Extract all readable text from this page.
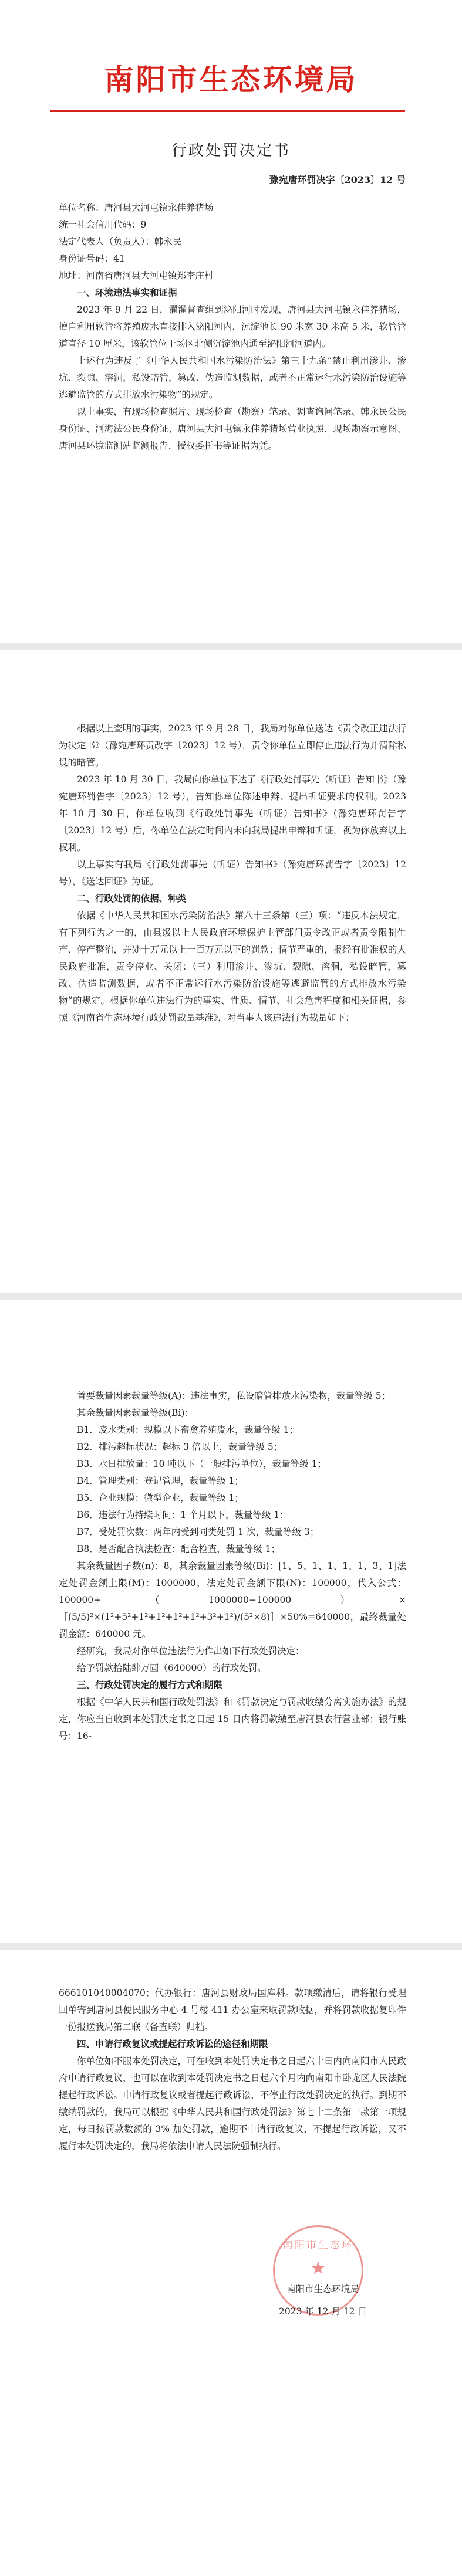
南阳市生态环境局
行政处罚决定书
豫宛唐环罚决字〔2023〕12 号

单位名称：唐河县大河屯镇永佳养猪场

统一社会信用代码：9

法定代表人（负责人）：韩永民

身份证号码：41

地址：河南省唐河县大河屯镇郑李庄村

一、环境违法事实和证据

2023 年 9 月 22 日，濯濯督查组到泌阳河时发现，唐河县大河屯镇永佳养猪场，擅自利用软管将养殖废水直接排入泌阳河内，沉淀池长 90 米宽 30 米高 5 米，软管管道直径 10 厘米，该软管位于场区北侧沉淀池内通至泌阳河河道内。

上述行为违反了《中华人民共和国水污染防治法》第三十九条“禁止利用渗井、渗坑、裂隙、溶洞，私设暗管，篡改、伪造监测数据，或者不正常运行水污染防治设施等逃避监管的方式排放水污染物”的规定。

以上事实，有现场检查照片、现场检查（勘察）笔录、调查询问笔录、韩永民公民身份证、河海法公民身份证、唐河县大河屯镇永佳养猪场营业执照、现场勘察示意图、唐河县环境监测站监测报告、授权委托书等证据为凭。

根据以上查明的事实，2023 年 9 月 28 日，我局对你单位送达《责令改正违法行为决定书》（豫宛唐环责改字〔2023〕12 号），责令你单位立即停止违法行为并清除私设的暗管。

2023 年 10 月 30 日，我局向你单位下达了《行政处罚事先（听证）告知书》（豫宛唐环罚告字〔2023〕12 号），告知你单位陈述申辩、提出听证要求的权利。2023 年 10 月 30 日，你单位收到《行政处罚事先（听证）告知书》（豫宛唐环罚告字〔2023〕12 号）后，你单位在法定时间内未向我局提出申辩和听证，视为你放弃以上权利。

以上事实有我局《行政处罚事先（听证）告知书》（豫宛唐环罚告字〔2023〕12 号），《送达回证》为证。

二、行政处罚的依据、种类

依据《中华人民共和国水污染防治法》第八十三条第（三）项：“违反本法规定，有下列行为之一的，由县级以上人民政府环境保护主管部门责令改正或者责令限制生产、停产整治，并处十万元以上一百万元以下的罚款；情节严重的，报经有批准权的人民政府批准，责令停业、关闭：（三）利用渗井、渗坑、裂隙、溶洞，私设暗管，篡改、伪造监测数据，或者不正常运行水污染防治设施等逃避监管的方式排放水污染物”的规定。根据你单位违法行为的事实、性质、情节、社会危害程度和相关证据，参照《河南省生态环境行政处罚裁量基准》，对当事人该违法行为裁量如下：

首要裁量因素裁量等级(A)：违法事实，私设暗管排放水污染物，裁量等级 5；

其余裁量因素裁量等级(Bi)：

B1．废水类别：规模以下畜禽养殖废水，裁量等级 1；

B2．排污超标状况：超标 3 倍以上，裁量等级 5；

B3．水日排放量：10 吨以下（一般排污单位），裁量等级 1；

B4．管理类别：登记管理，裁量等级 1；

B5．企业规模：微型企业，裁量等级 1；

B6．违法行为持续时间：1 个月以下，裁量等级 1；

B7．受处罚次数：两年内受到同类处罚 1 次，裁量等级 3；

B8．是否配合执法检查：配合检查，裁量等级 1；

其余裁量因子数(n)：8，其余裁量因素等级(Bi)：[1、5、1、1、1、1、3、1]法定处罚金额上限(M)：1000000，法定处罚金额下限(N)：100000，代入公式：100000+（1000000−100000）×［(5/5)²×(1²+5²+1²+1²+1²+1²+3²+1²)/(5²×8)］×50%=640000，最终裁量处罚金额：640000 元。

经研究，我局对你单位违法行为作出如下行政处罚决定：

给予罚款拾陆肆万圆（640000）的行政处罚。

三、行政处罚决定的履行方式和期限

根据《中华人民共和国行政处罚法》和《罚款决定与罚款收缴分离实施办法》的规定，你应当自收到本处罚决定书之日起 15 日内将罚款缴至唐河县农行营业部；银行账号：16-

666101040004070；代办银行：唐河县财政局国库科。款项缴清后，请将银行受理回单寄到唐河县便民服务中心 4 号楼 411 办公室来取罚款收据，并将罚款收据复印件一份报送我局第二联（备查联）归档。

四、申请行政复议或提起行政诉讼的途径和期限

你单位如不服本处罚决定，可在收到本处罚决定书之日起六十日内向南阳市人民政府申请行政复议，也可以在收到本处罚决定书之日起六个月内向南阳市卧龙区人民法院提起行政诉讼。申请行政复议或者提起行政诉讼，不停止行政处罚决定的执行。到期不缴纳罚款的，我局可以根据《中华人民共和国行政处罚法》第七十二条第一款第一项规定，每日按罚款数额的 3% 加处罚款，逾期不申请行政复议，不提起行政诉讼，又不履行本处罚决定的，我局将依法申请人民法院强制执行。

南阳市生态环
★
南阳市生态环境局
2023 年 12 月 12 日
